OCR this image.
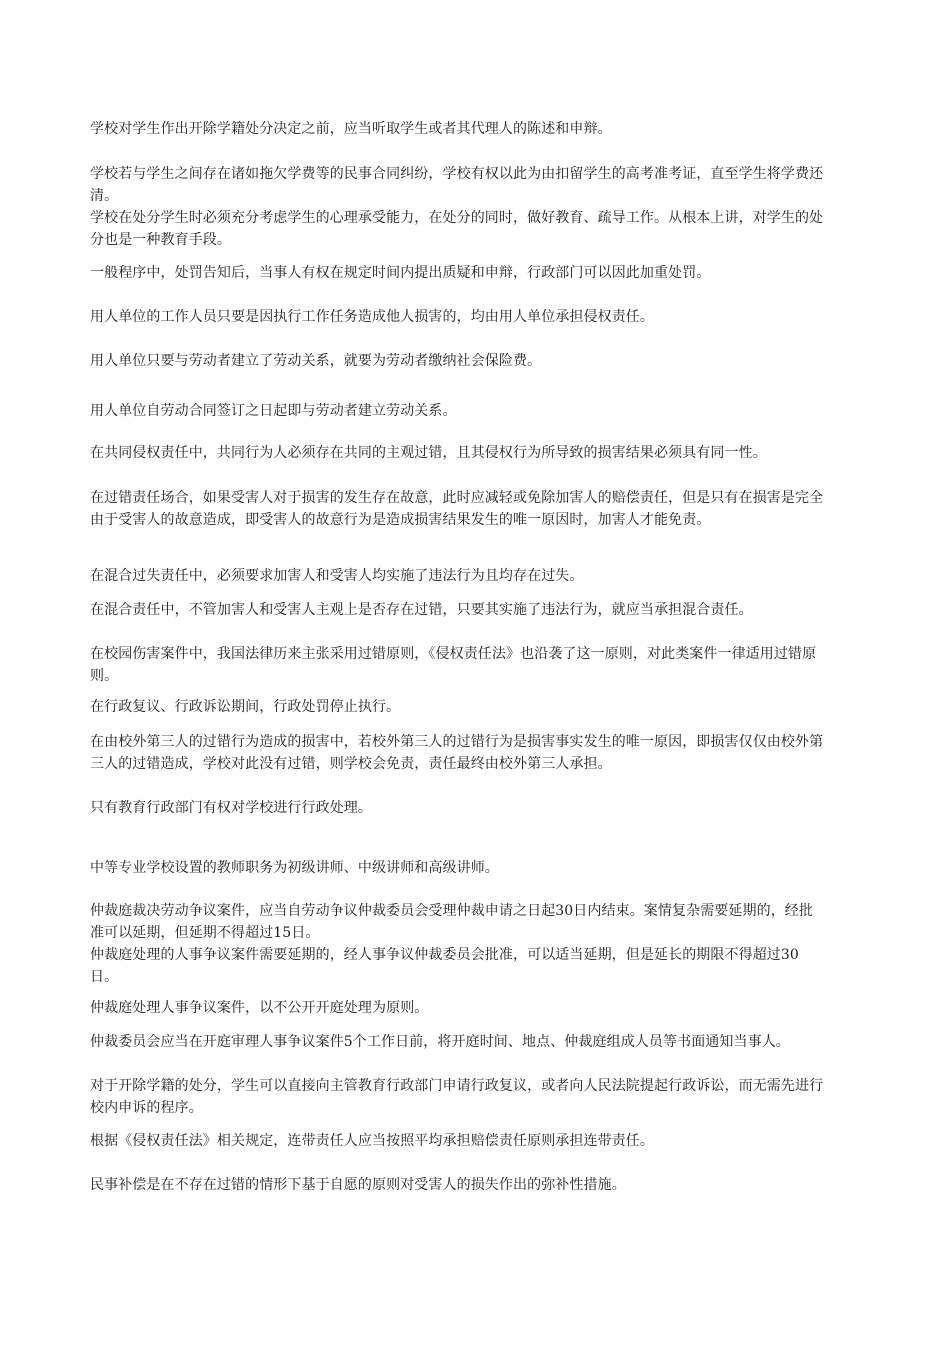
学校对学生作出开除学籍处分决定之前，应当听取学生或者其代理人的陈述和申辩。

学校若与学生之间存在诸如拖欠学费等的民事合同纠纷，学校有权以此为由扣留学生的高考准考证，直至学生将学费还清。

学校在处分学生时必须充分考虑学生的心理承受能力，在处分的同时，做好教育、疏导工作。从根本上讲，对学生的处分也是一种教育手段。

一般程序中，处罚告知后，当事人有权在规定时间内提出质疑和申辩，行政部门可以因此加重处罚。

用人单位的工作人员只要是因执行工作任务造成他人损害的，均由用人单位承担侵权责任。

用人单位只要与劳动者建立了劳动关系，就要为劳动者缴纳社会保险费。

用人单位自劳动合同签订之日起即与劳动者建立劳动关系。

在共同侵权责任中，共同行为人必须存在共同的主观过错，且其侵权行为所导致的损害结果必须具有同一性。

在过错责任场合，如果受害人对于损害的发生存在故意，此时应减轻或免除加害人的赔偿责任，但是只有在损害是完全由于受害人的故意造成，即受害人的故意行为是造成损害结果发生的唯一原因时，加害人才能免责。

在混合过失责任中，必须要求加害人和受害人均实施了违法行为且均存在过失。

在混合责任中，不管加害人和受害人主观上是否存在过错，只要其实施了违法行为，就应当承担混合责任。

在校园伤害案件中，我国法律历来主张采用过错原则，《侵权责任法》也沿袭了这一原则，对此类案件一律适用过错原则。

在行政复议、行政诉讼期间，行政处罚停止执行。

在由校外第三人的过错行为造成的损害中，若校外第三人的过错行为是损害事实发生的唯一原因，即损害仅仅由校外第三人的过错造成，学校对此没有过错，则学校会免责，责任最终由校外第三人承担。

只有教育行政部门有权对学校进行行政处理。

中等专业学校设置的教师职务为初级讲师、中级讲师和高级讲师。

仲裁庭裁决劳动争议案件，应当自劳动争议仲裁委员会受理仲裁申请之日起30日内结束。案情复杂需要延期的，经批准可以延期，但延期不得超过15日。

仲裁庭处理的人事争议案件需要延期的，经人事争议仲裁委员会批准，可以适当延期，但是延长的期限不得超过30日。

仲裁庭处理人事争议案件，以不公开开庭处理为原则。

仲裁委员会应当在开庭审理人事争议案件5个工作日前，将开庭时间、地点、仲裁庭组成人员等书面通知当事人。

对于开除学籍的处分，学生可以直接向主管教育行政部门申请行政复议，或者向人民法院提起行政诉讼，而无需先进行校内申诉的程序。

根据《侵权责任法》相关规定，连带责任人应当按照平均承担赔偿责任原则承担连带责任。

民事补偿是在不存在过错的情形下基于自愿的原则对受害人的损失作出的弥补性措施。
